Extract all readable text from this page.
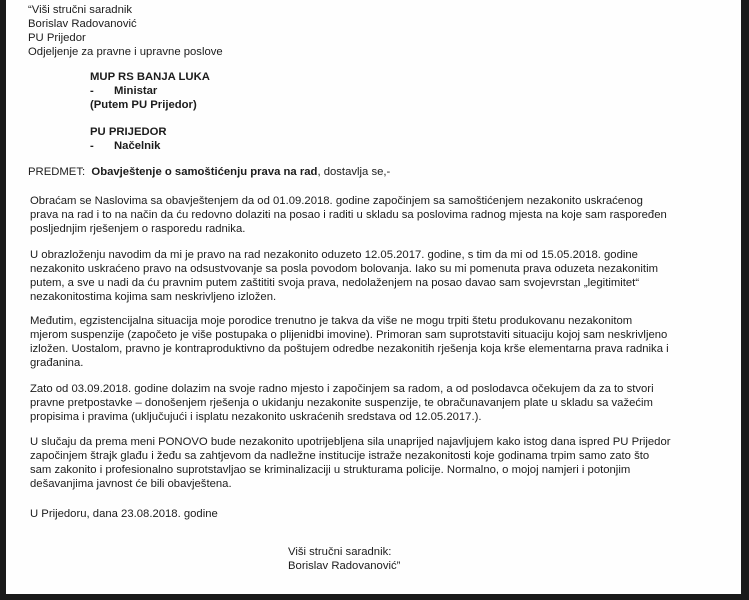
“Viši stručni saradnik
Borislav Radovanović
PU Prijedor
Odjeljenje za pravne i upravne poslove
MUP RS BANJA LUKA
- Ministar
(Putem PU Prijedor)
PU PRIJEDOR
- Načelnik
PREDMET: Obavještenje o samoštićenju prava na rad, dostavlja se,-
Obraćam se Naslovima sa obavještenjem da od 01.09.2018. godine započinjem sa samoštićenjem nezakonito uskraćenog
prava na rad i to na način da ću redovno dolaziti na posao i raditi u skladu sa poslovima radnog mjesta na koje sam raspoređen
posljednjim rješenjem o rasporedu radnika.
U obrazloženju navodim da mi je pravo na rad nezakonito oduzeto 12.05.2017. godine, s tim da mi od 15.05.2018. godine
nezakonito uskraćeno pravo na odsustvovanje sa posla povodom bolovanja. Iako su mi pomenuta prava oduzeta nezakonitim
putem, a sve u nadi da ću pravnim putem zaštititi svoja prava, nedolaženjem na posao davao sam svojevrstan „legitimitet“
nezakonitostima kojima sam neskrivljeno izložen.
Međutim, egzistencijalna situacija moje porodice trenutno je takva da više ne mogu trpiti štetu produkovanu nezakonitom
mjerom suspenzije (započeto je više postupaka o plijenidbi imovine). Primoran sam suprotstaviti situaciju kojoj sam neskrivljeno
izložen. Uostalom, pravno je kontraproduktivno da poštujem odredbe nezakonitih rješenja koja krše elementarna prava radnika i
građanina.
Zato od 03.09.2018. godine dolazim na svoje radno mjesto i započinjem sa radom, a od poslodavca očekujem da za to stvori
pravne pretpostavke – donošenjem rješenja o ukidanju nezakonite suspenzije, te obračunavanjem plate u skladu sa važećim
propisima i pravima (uključujući i isplatu nezakonito uskraćenih sredstava od 12.05.2017.).
U slučaju da prema meni PONOVO bude nezakonito upotrijebljena sila unaprijed najavljujem kako istog dana ispred PU Prijedor
započinjem štrajk glađu i žeđu sa zahtjevom da nadležne institucije istraže nezakonitosti koje godinama trpim samo zato što
sam zakonito i profesionalno suprotstavljao se kriminalizaciji u strukturama policije. Normalno, o mojoj namjeri i potonjim
dešavanjima javnost će bili obavještena.
U Prijedoru, dana 23.08.2018. godine
Viši stručni saradnik:
Borislav Radovanović”
